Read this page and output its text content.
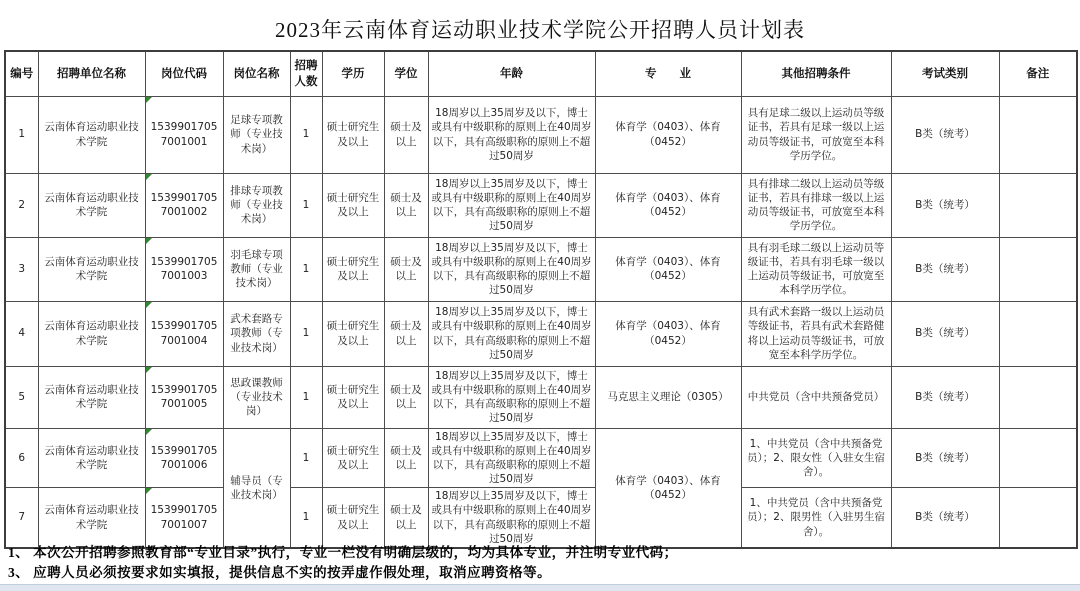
2023年云南体育运动职业技术学院公开招聘人员计划表
编号	招聘单位名称	岗位代码	岗位名称	招聘人数	学历	学位	年龄	专　　业	其他招聘条件	考试类别	备注
1	云南体育运动职业技术学院	15399017057001001	足球专项教师（专业技术岗）	1	硕士研究生及以上	硕士及以上	18周岁以上35周岁及以下，博士或具有中级职称的原则上在40周岁以下，具有高级职称的原则上不超过50周岁	体育学（0403）、体育（0452）	具有足球二级以上运动员等级证书，若具有足球一级以上运动员等级证书，可放宽至本科学历学位。	B类（统考）	
2	云南体育运动职业技术学院	15399017057001002	排球专项教师（专业技术岗）	1	硕士研究生及以上	硕士及以上	18周岁以上35周岁及以下，博士或具有中级职称的原则上在40周岁以下，具有高级职称的原则上不超过50周岁	体育学（0403）、体育（0452）	具有排球二级以上运动员等级证书，若具有排球一级以上运动员等级证书，可放宽至本科学历学位。	B类（统考）	
3	云南体育运动职业技术学院	15399017057001003	羽毛球专项教师（专业技术岗）	1	硕士研究生及以上	硕士及以上	18周岁以上35周岁及以下，博士或具有中级职称的原则上在40周岁以下，具有高级职称的原则上不超过50周岁	体育学（0403）、体育（0452）	具有羽毛球二级以上运动员等级证书，若具有羽毛球一级以上运动员等级证书，可放宽至本科学历学位。	B类（统考）	
4	云南体育运动职业技术学院	15399017057001004	武术套路专项教师（专业技术岗）	1	硕士研究生及以上	硕士及以上	18周岁以上35周岁及以下，博士或具有中级职称的原则上在40周岁以下，具有高级职称的原则上不超过50周岁	体育学（0403）、体育（0452）	具有武术套路一级以上运动员等级证书，若具有武术套路健将以上运动员等级证书，可放宽至本科学历学位。	B类（统考）	
5	云南体育运动职业技术学院	15399017057001005	思政课教师（专业技术岗）	1	硕士研究生及以上	硕士及以上	18周岁以上35周岁及以下，博士或具有中级职称的原则上在40周岁以下，具有高级职称的原则上不超过50周岁	马克思主义理论（0305）	中共党员（含中共预备党员）	B类（统考）	
6	云南体育运动职业技术学院	15399017057001006	辅导员（专业技术岗）	1	硕士研究生及以上	硕士及以上	18周岁以上35周岁及以下，博士或具有中级职称的原则上在40周岁以下，具有高级职称的原则上不超过50周岁	体育学（0403）、体育（0452）	1、中共党员（含中共预备党员）；2、限女性（入驻女生宿舍）。	B类（统考）	
7	云南体育运动职业技术学院	15399017057001007		1	硕士研究生及以上	硕士及以上	18周岁以上35周岁及以下，博士或具有中级职称的原则上在40周岁以下，具有高级职称的原则上不超过50周岁		1、中共党员（含中共预备党员）；2、限男性（入驻男生宿舍）。	B类（统考）	
1、 本次公开招聘参照教育部“专业目录”执行，专业一栏没有明确层级的，均为具体专业，并注明专业代码；
3、 应聘人员必须按要求如实填报，提供信息不实的按弄虚作假处理，取消应聘资格等。
